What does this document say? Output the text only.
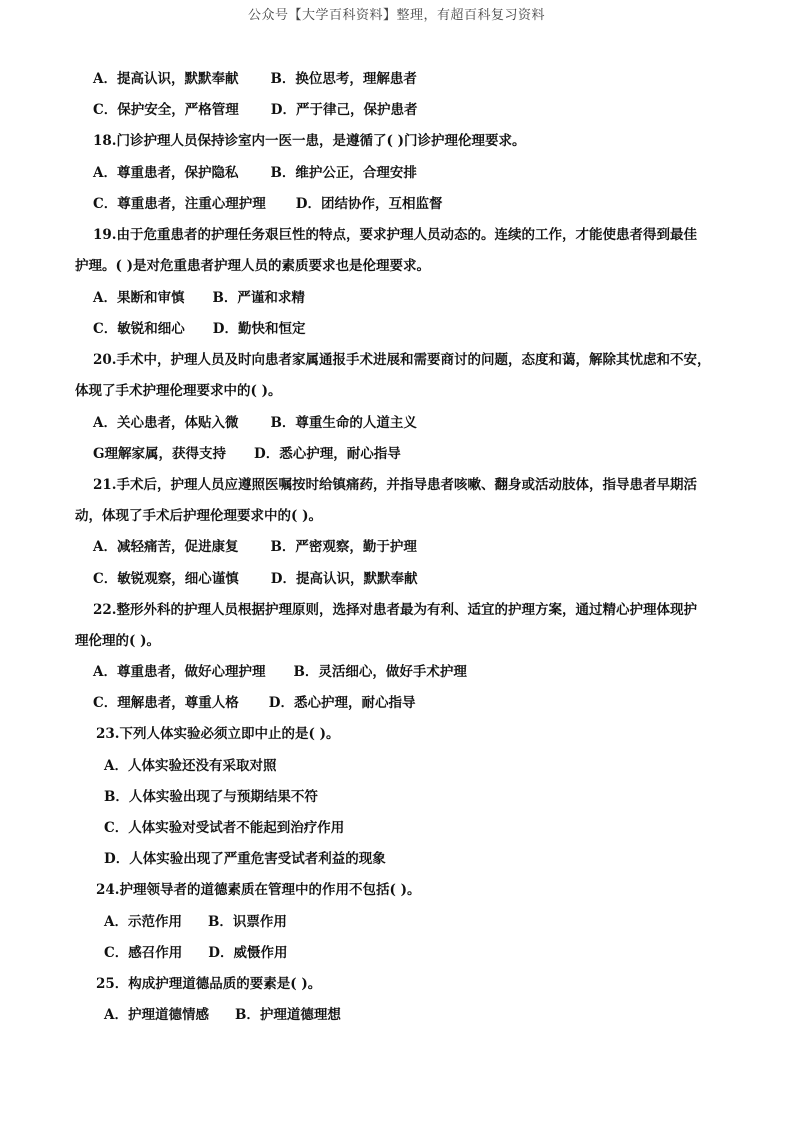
公众号【大学百科资料】整理，有超百科复习资料
A．提高认识，默默奉献 B．换位思考，理解患者
C．保护安全，严格管理 D．严于律己，保护患者
18.门诊护理人员保持诊室内一医一患，是遵循了( )门诊护理伦理要求。
A．尊重患者，保护隐私 B．维护公正，合理安排
C．尊重患者，注重心理护理 D．团结协作，互相监督
19.由于危重患者的护理任务艰巨性的特点，要求护理人员动态的。连续的工作，才能使患者得到最佳
护理。( )是对危重患者护理人员的素质要求也是伦理要求。
A．果断和审慎 B．严谨和求精
C．敏锐和细心 D．勤快和恒定
20.手术中，护理人员及时向患者家属通报手术进展和需要商讨的问题，态度和蔼，解除其忧虑和不安，
体现了手术护理伦理要求中的( )。
A．关心患者，体贴入微 B．尊重生命的人道主义
G理解家属，获得支持 D．悉心护理，耐心指导
21.手术后，护理人员应遵照医嘱按时给镇痛药，并指导患者咳嗽、翻身或活动肢体，指导患者早期活
动，体现了手术后护理伦理要求中的( )。
A．减轻痛苦，促进康复 B．严密观察，勤于护理
C．敏锐观察，细心谨慎 D．提高认识，默默奉献
22.整形外科的护理人员根据护理原则，选择对患者最为有利、适宜的护理方案，通过精心护理体现护
理伦理的( )。
A．尊重患者，做好心理护理 B．灵活细心，做好手术护理
C．理解患者，尊重人格 D．悉心护理，耐心指导
23.下列人体实验必须立即中止的是( )。
A．人体实验还没有采取对照
B．人体实验出现了与预期结果不符
C．人体实验对受试者不能起到治疗作用
D．人体实验出现了严重危害受试者利益的现象
24.护理领导者的道德素质在管理中的作用不包括( )。
A．示范作用 B．识票作用
C．感召作用 D．威慑作用
25．构成护理道德品质的要素是( )。
A．护理道德情感 B．护理道德理想
